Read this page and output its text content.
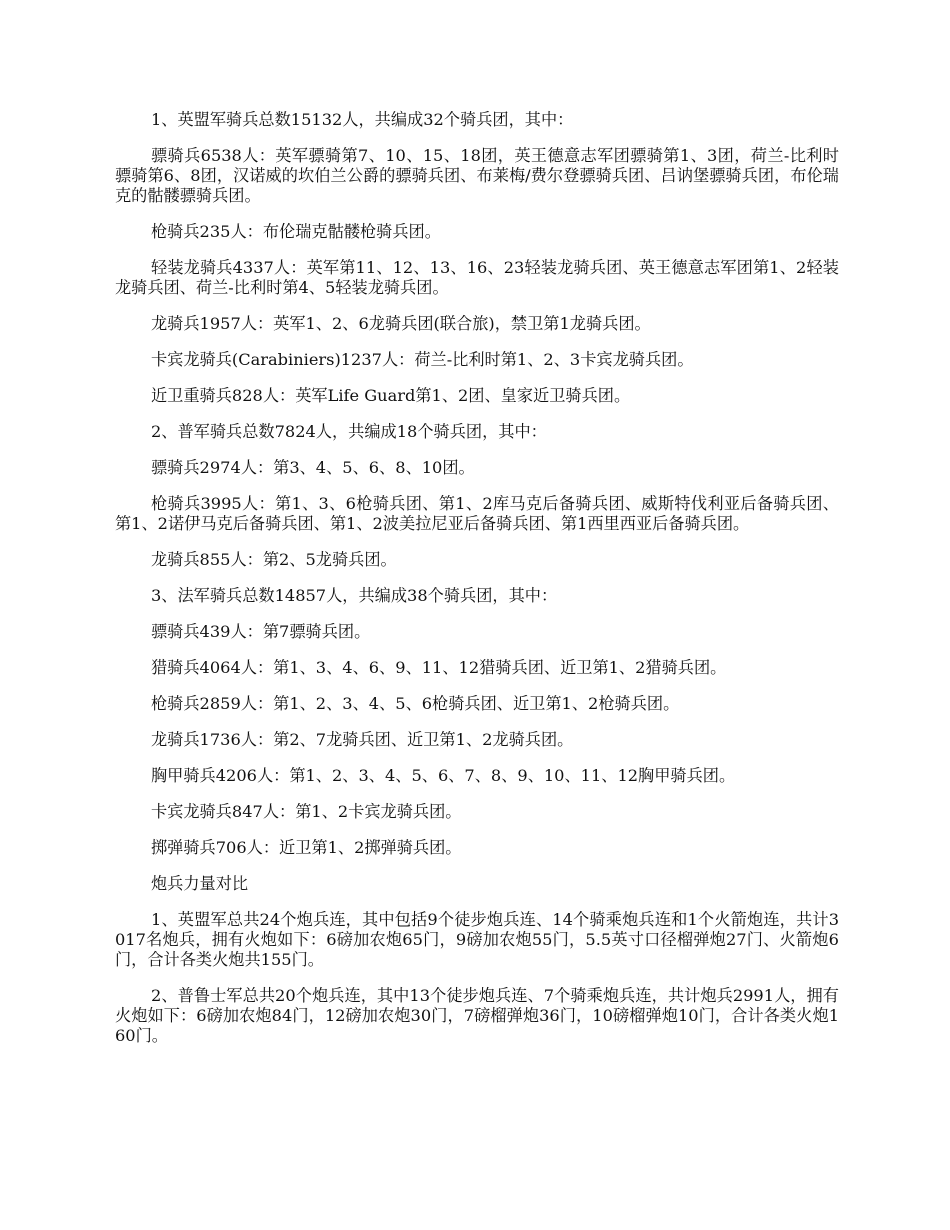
1、英盟军骑兵总数15132人，共编成32个骑兵团，其中：

骠骑兵6538人：英军骠骑第7、10、15、18团，英王德意志军团骠骑第1、3团，荷兰-比利时骠骑第6、8团，汉诺威的坎伯兰公爵的骠骑兵团、布莱梅/费尔登骠骑兵团、吕讷堡骠骑兵团，布伦瑞克的骷髅骠骑兵团。

枪骑兵235人：布伦瑞克骷髅枪骑兵团。

轻装龙骑兵4337人：英军第11、12、13、16、23轻装龙骑兵团、英王德意志军团第1、2轻装龙骑兵团、荷兰-比利时第4、5轻装龙骑兵团。

龙骑兵1957人：英军1、2、6龙骑兵团(联合旅)，禁卫第1龙骑兵团。

卡宾龙骑兵(Carabiniers)1237人：荷兰-比利时第1、2、3卡宾龙骑兵团。

近卫重骑兵828人：英军Life Guard第1、2团、皇家近卫骑兵团。

2、普军骑兵总数7824人，共编成18个骑兵团，其中：

骠骑兵2974人：第3、4、5、6、8、10团。

枪骑兵3995人：第1、3、6枪骑兵团、第1、2库马克后备骑兵团、威斯特伐利亚后备骑兵团、第1、2诺伊马克后备骑兵团、第1、2波美拉尼亚后备骑兵团、第1西里西亚后备骑兵团。

龙骑兵855人：第2、5龙骑兵团。

3、法军骑兵总数14857人，共编成38个骑兵团，其中：

骠骑兵439人：第7骠骑兵团。

猎骑兵4064人：第1、3、4、6、9、11、12猎骑兵团、近卫第1、2猎骑兵团。

枪骑兵2859人：第1、2、3、4、5、6枪骑兵团、近卫第1、2枪骑兵团。

龙骑兵1736人：第2、7龙骑兵团、近卫第1、2龙骑兵团。

胸甲骑兵4206人：第1、2、3、4、5、6、7、8、9、10、11、12胸甲骑兵团。

卡宾龙骑兵847人：第1、2卡宾龙骑兵团。

掷弹骑兵706人：近卫第1、2掷弹骑兵团。

炮兵力量对比

1、英盟军总共24个炮兵连，其中包括9个徒步炮兵连、14个骑乘炮兵连和1个火箭炮连，共计3017名炮兵，拥有火炮如下：6磅加农炮65门，9磅加农炮55门，5.5英寸口径榴弹炮27门、火箭炮6门，合计各类火炮共155门。

2、普鲁士军总共20个炮兵连，其中13个徒步炮兵连、7个骑乘炮兵连，共计炮兵2991人，拥有火炮如下：6磅加农炮84门，12磅加农炮30门，7磅榴弹炮36门，10磅榴弹炮10门，合计各类火炮160门。
